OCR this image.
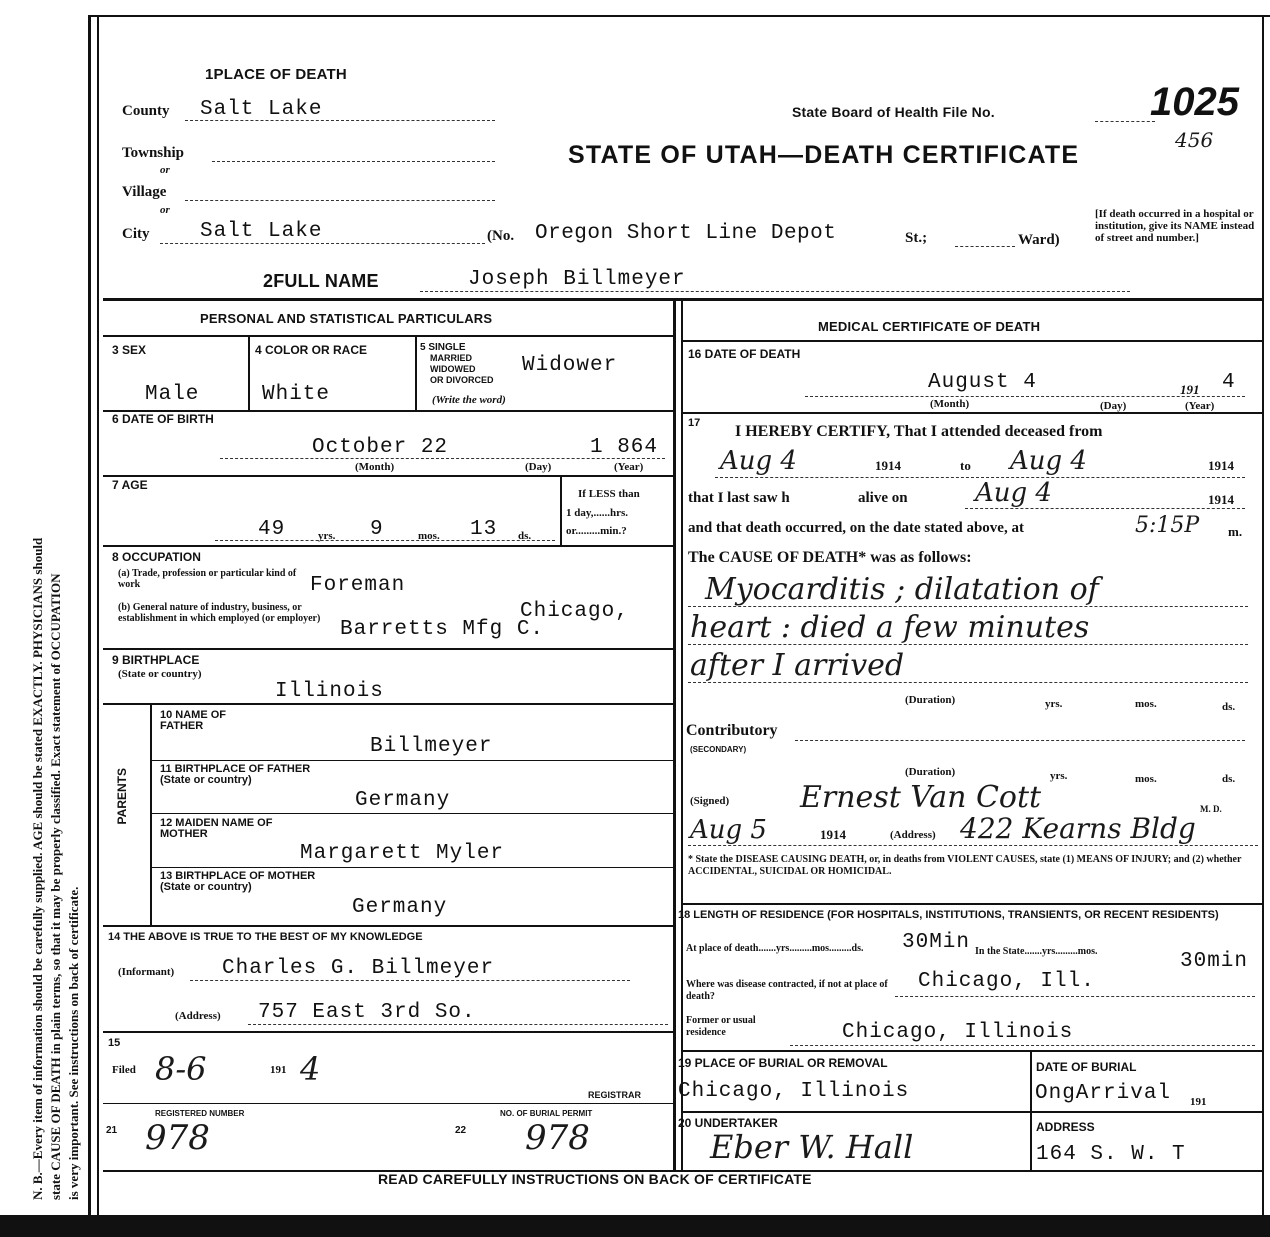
N. B.—Every item of information should be carefully supplied. AGE should be stated EXACTLY. PHYSICIANS should state CAUSE OF DEATH in plain terms, so that it may be properly classified. Exact statement of OCCUPATION is very important. See instructions on back of certificate.
1PLACE OF DEATH
County Salt Lake
Township
or
Village
or
City Salt Lake	(No. Oregon Short Line Depot	St.;	Ward)
[If death occurred in a hospital or institution, give its NAME instead of street and number.]
State Board of Health File No.	1025
456
STATE OF UTAH—DEATH CERTIFICATE
2FULL NAME	Joseph Billmeyer
PERSONAL AND STATISTICAL PARTICULARS
3 SEX
Male
4 COLOR OR RACE
White
5 SINGLE
MARRIED
WIDOWED
OR DIVORCED
(Write the word)
Widower
6 DATE OF BIRTH
October 22	1 864
(Month)	(Day)	(Year)
7 AGE
49	yrs. 9	mos. 13 ds.
If LESS than
1 day,......hrs.
or.........min.?
8 OCCUPATION
(a) Trade, profession or particular kind of work	Foreman
(b) General nature of industry, business, or establishment in which employed (or employer)	Chicago,
Barretts Mfg C.
9 BIRTHPLACE
(State or country)
Illinois
PARENTS
10 NAME OF FATHER
Billmeyer
11 BIRTHPLACE OF FATHER (State or country)
Germany
12 MAIDEN NAME OF MOTHER
Margarett Myler
13 BIRTHPLACE OF MOTHER (State or country)
Germany
14 THE ABOVE IS TRUE TO THE BEST OF MY KNOWLEDGE
(Informant) Charles G. Billmeyer
(Address) 757 East 3rd So.
15
Filed 8-6	191 4
REGISTRAR
REGISTERED NUMBER
21 978
NO. OF BURIAL PERMIT
22 978
MEDICAL CERTIFICATE OF DEATH
16 DATE OF DEATH
August 4	191 4
(Month)	(Day)	(Year)
17 I HEREBY CERTIFY, That I attended deceased from
Aug 4	1914	to Aug 4	1914
that I last saw h	alive on	Aug 4	1914
and that death occurred, on the date stated above, at	5:15P m.
The CAUSE OF DEATH* was as follows:
Myocarditis ; dilatation of
heart : died a few minutes
after I arrived
(Duration)	yrs.	mos.	ds.
Contributory
(SECONDARY)
(Duration)	yrs.	mos.	ds.
(Signed) Ernest Van Cott	M. D.
Aug 5	1914	(Address) 422 Kearns Bldg
* State the DISEASE CAUSING DEATH, or, in deaths from VIOLENT CAUSES, state (1) MEANS OF INJURY; and (2) whether ACCIDENTAL, SUICIDAL OR HOMICIDAL.
18 LENGTH OF RESIDENCE (FOR HOSPITALS, INSTITUTIONS, TRANSIENTS, OR RECENT RESIDENTS)
At place of death.......yrs.........mos.........ds.	30Min In the State.......yrs.........mos.	30min
Where was disease contracted, if not at place of death?
Chicago, Ill.
Former or usual residence	Chicago, Illinois
19 PLACE OF BURIAL OR REMOVAL
Chicago, Illinois
DATE OF BURIAL
OngArrival 191
20 UNDERTAKER
Eber W. Hall
ADDRESS
164 S. W. T
READ CAREFULLY INSTRUCTIONS ON BACK OF CERTIFICATE
